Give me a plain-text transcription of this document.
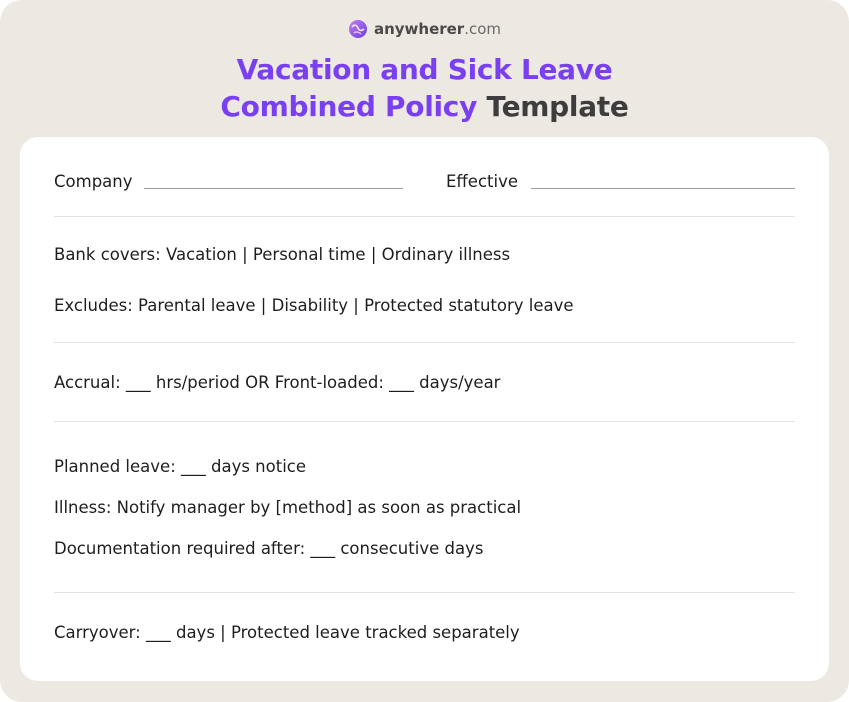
anywherer.com
Vacation and Sick Leave
Combined Policy Template
Company	Effective
Bank covers: Vacation | Personal time | Ordinary illness
Excludes: Parental leave | Disability | Protected statutory leave
Accrual: ___ hrs/period OR Front-loaded: ___ days/year
Planned leave: ___ days notice
Illness: Notify manager by [method] as soon as practical
Documentation required after: ___ consecutive days
Carryover: ___ days | Protected leave tracked separately
